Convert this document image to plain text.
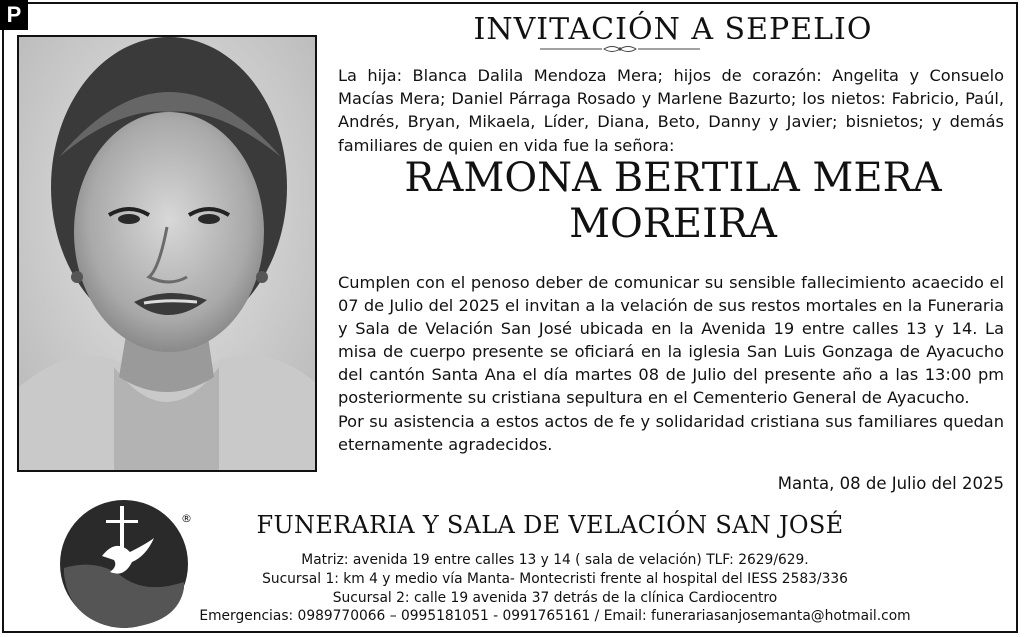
P	INVITACIÓN A SEPELIO
La hija: Blanca Dalila Mendoza Mera; hijos de corazón: Angelita y Consuelo Macías Mera; Daniel Párraga Rosado y Marlene Bazurto; los nietos: Fabricio, Paúl, Andrés, Bryan, Mikaela, Líder, Diana, Beto, Danny y Javier; bisnietos; y demás familiares de quien en vida fue la señora:
RAMONA BERTILA MERA
MOREIRA

Cumplen con el penoso deber de comunicar su sensible fallecimiento acaecido el 07 de Julio del 2025 el invitan a la velación de sus restos mortales en la Funeraria y Sala de Velación San José ubicada en la Avenida 19 entre calles 13 y 14. La misa de cuerpo presente se oficiará en la iglesia San Luis Gonzaga de Ayacucho del cantón Santa Ana el día martes 08 de Julio del presente año a las 13:00 pm posteriormente su cristiana sepultura en el Cementerio General de Ayacucho.

Por su asistencia a estos actos de fe y solidaridad cristiana sus familiares quedan eternamente agradecidos.

Manta, 08 de Julio del 2025
®	FUNERARIA Y SALA DE VELACIÓN SAN JOSÉ
Matriz: avenida 19 entre calles 13 y 14 ( sala de velación) TLF: 2629/629.
Sucursal 1: km 4 y medio vía Manta- Montecristi frente al hospital del IESS 2583/336
Sucursal 2: calle 19 avenida 37 detrás de la clínica Cardiocentro
Emergencias: 0989770066 – 0995181051 - 0991765161 / Email: funerariasanjosemanta@hotmail.com
